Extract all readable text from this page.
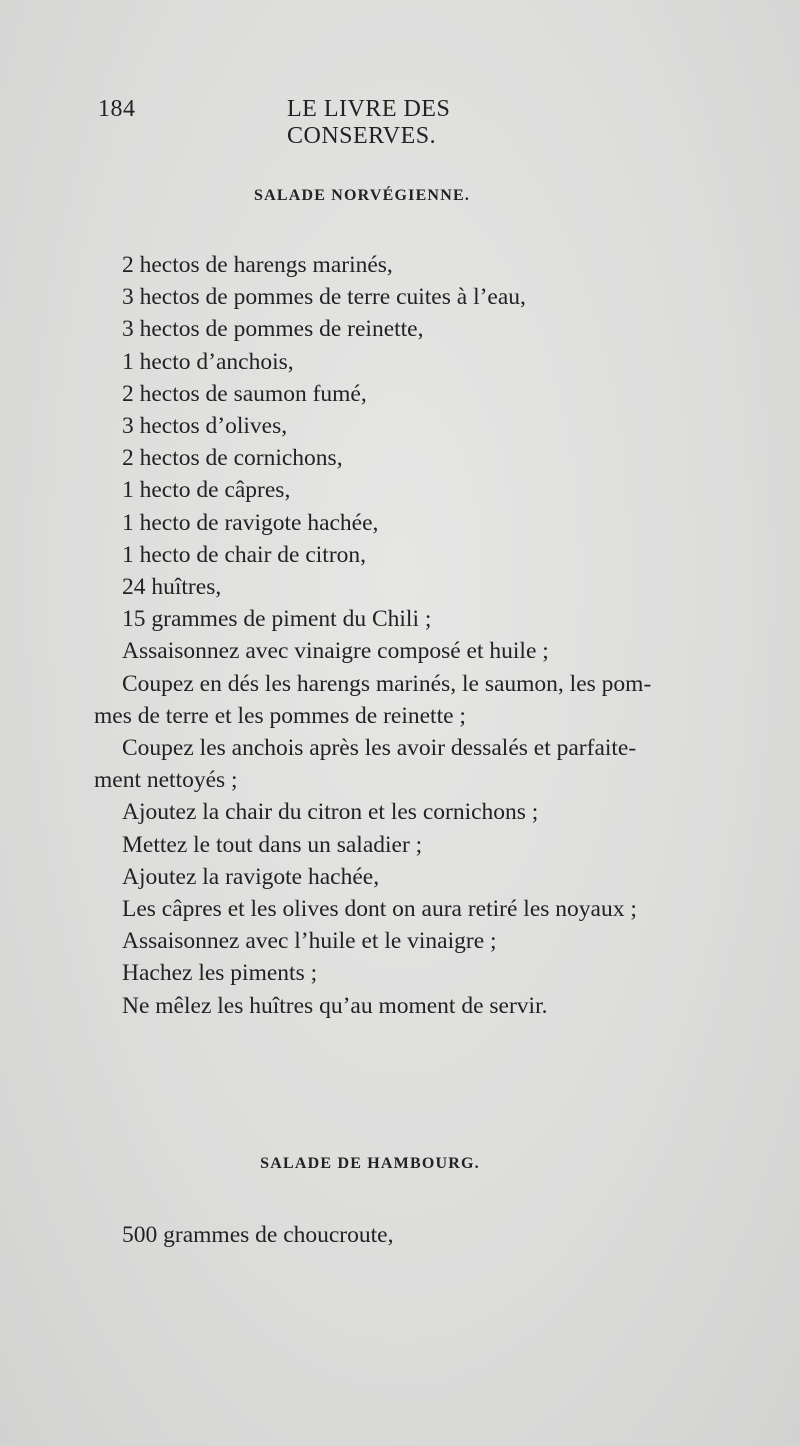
184	LE LIVRE DES CONSERVES.
SALADE NORVÉGIENNE.
2 hectos de harengs marinés,
3 hectos de pommes de terre cuites à l’eau,
3 hectos de pommes de reinette,
1 hecto d’anchois,
2 hectos de saumon fumé,
3 hectos d’olives,
2 hectos de cornichons,
1 hecto de câpres,
1 hecto de ravigote hachée,
1 hecto de chair de citron,
24 huîtres,
15 grammes de piment du Chili ;
Assaisonnez avec vinaigre composé et huile ;
Coupez en dés les harengs marinés, le saumon, les pom-
mes de terre et les pommes de reinette ;
Coupez les anchois après les avoir dessalés et parfaite-
ment nettoyés ;
Ajoutez la chair du citron et les cornichons ;
Mettez le tout dans un saladier ;
Ajoutez la ravigote hachée,
Les câpres et les olives dont on aura retiré les noyaux ;
Assaisonnez avec l’huile et le vinaigre ;
Hachez les piments ;
Ne mêlez les huîtres qu’au moment de servir.
SALADE DE HAMBOURG.
500 grammes de choucroute,
